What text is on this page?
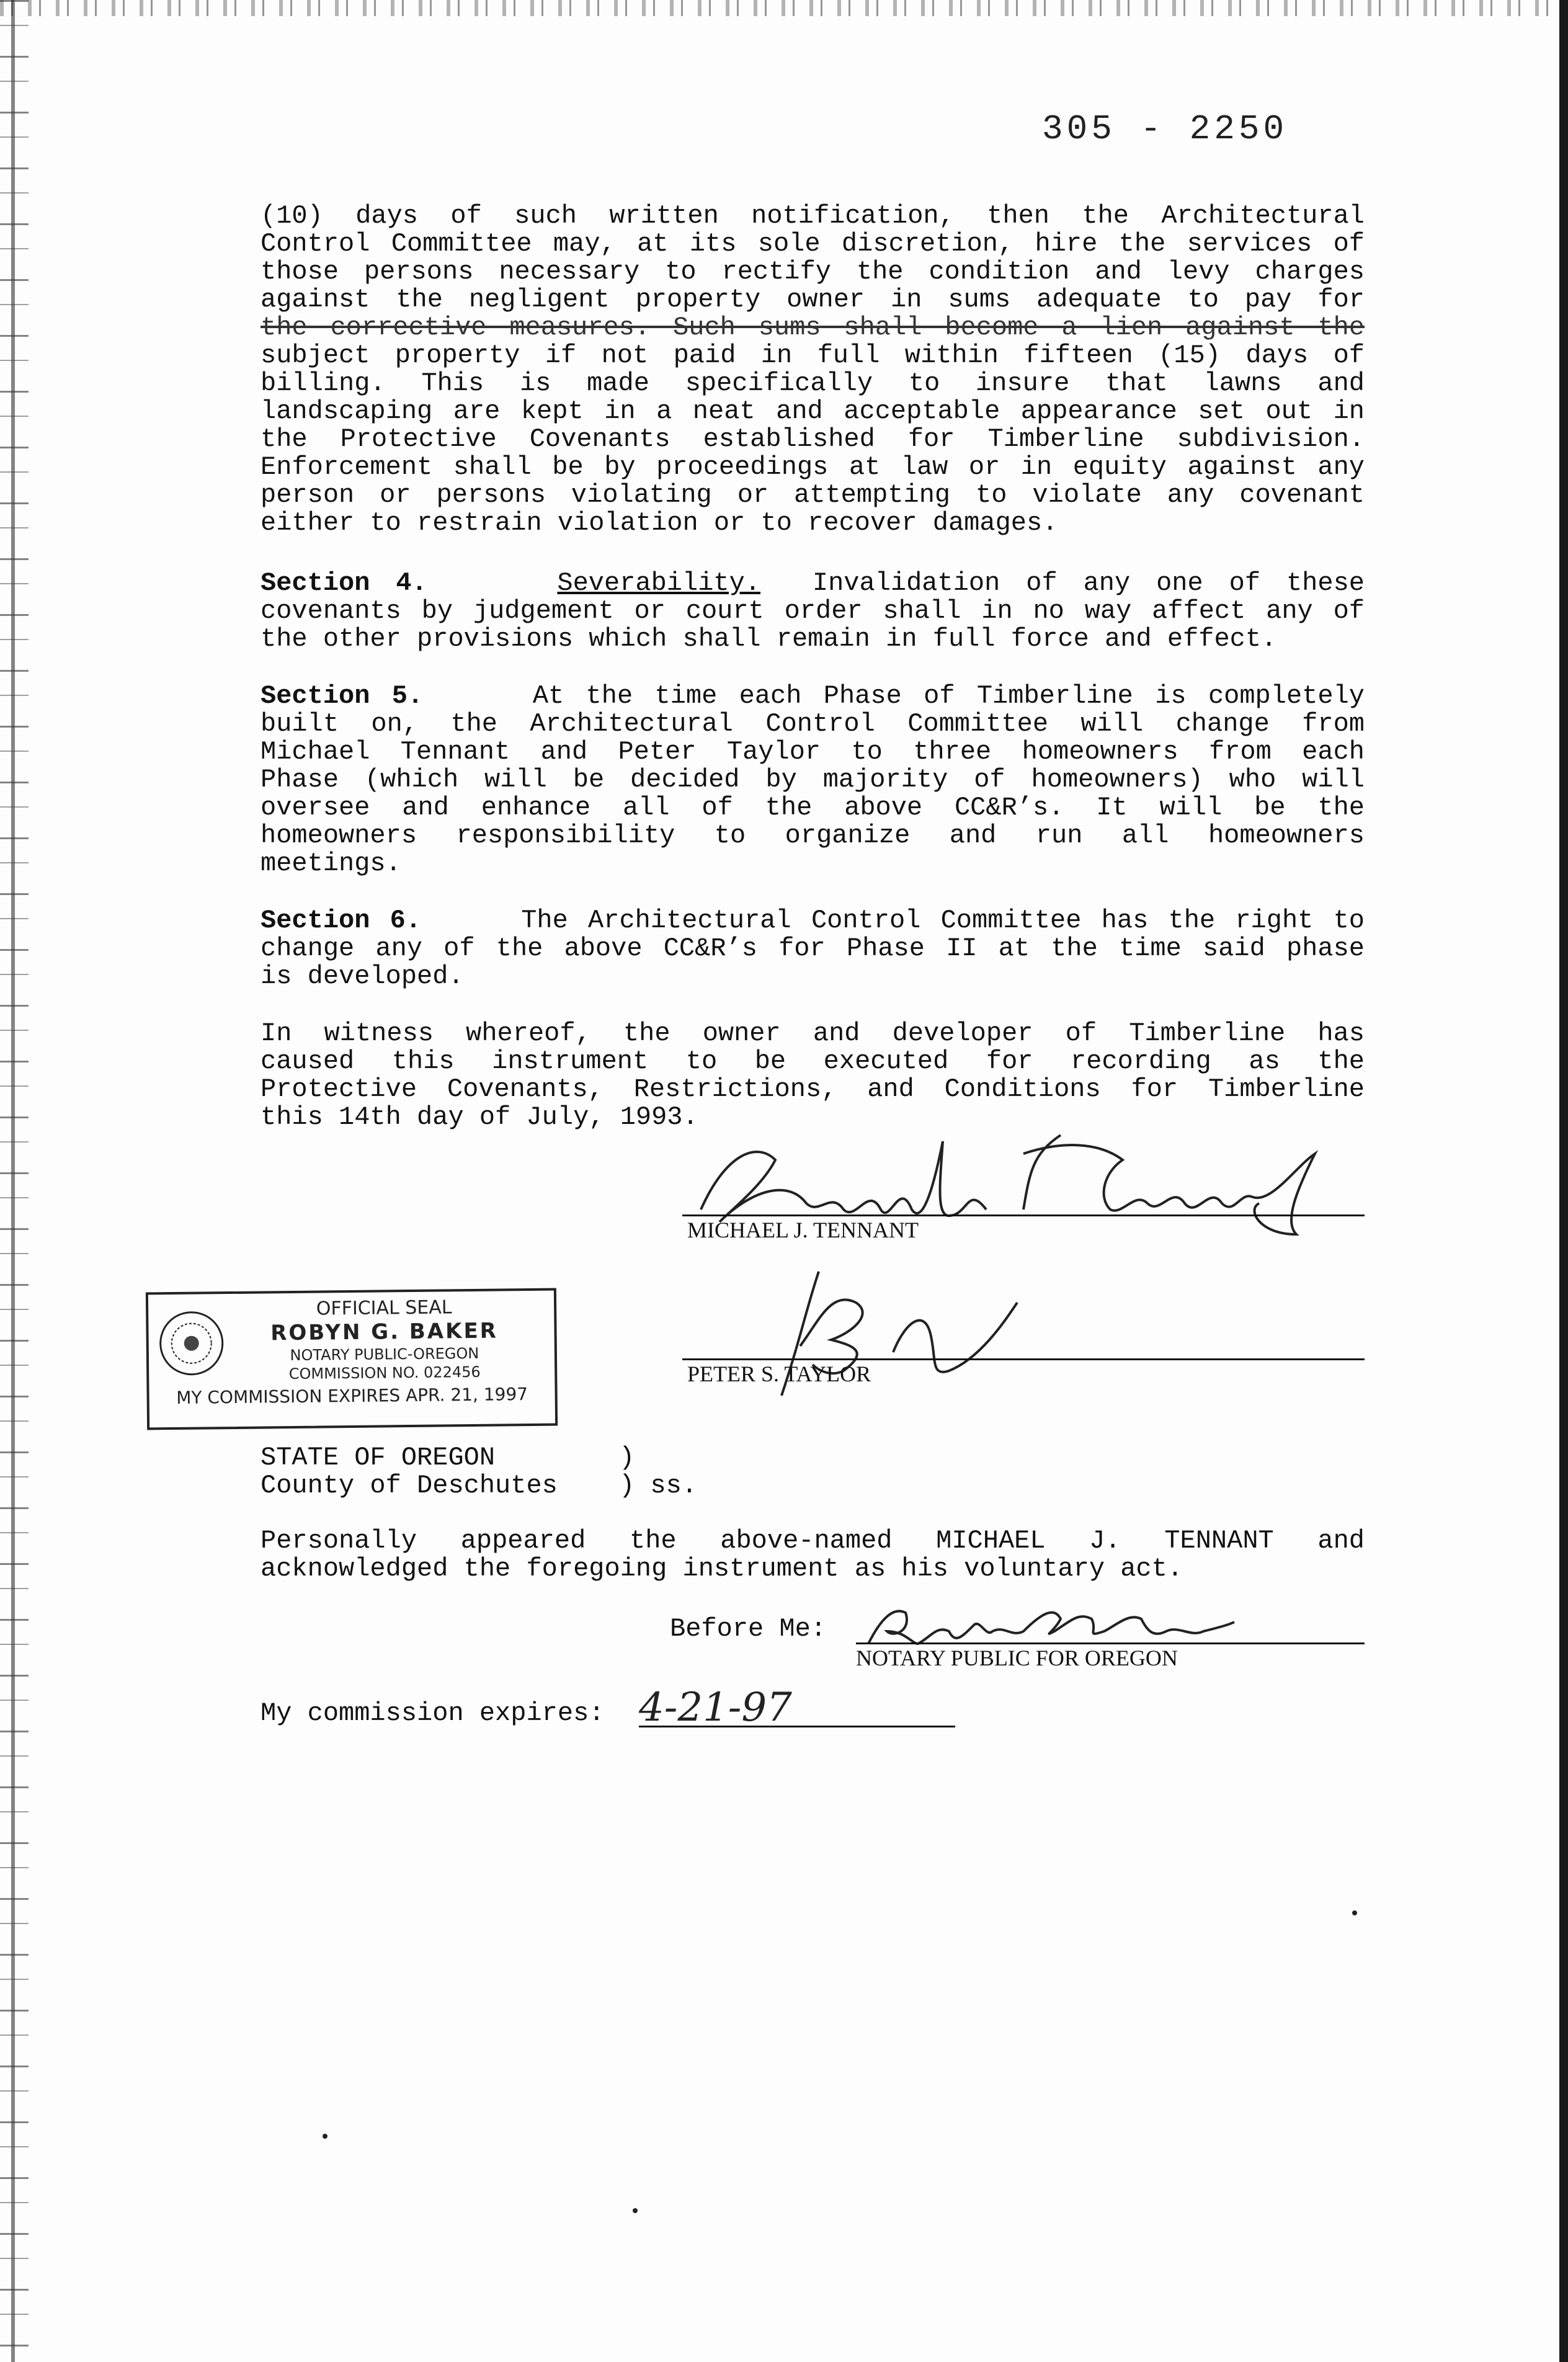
305 - 2250
(10) days of such written notification, then the Architectural
Control Committee may, at its sole discretion, hire the services of
those persons necessary to rectify the condition and levy charges
against the negligent property owner in sums adequate to pay for
the corrective measures. Such sums shall become a lien against the
subject property if not paid in full within fifteen (15) days of
billing. This is made specifically to insure that lawns and
landscaping are kept in a neat and acceptable appearance set out in
the Protective Covenants established for Timberline subdivision.
Enforcement shall be by proceedings at law or in equity against any
person or persons violating or attempting to violate any covenant
either to restrain violation or to recover damages.
Section 4.	Severability. Invalidation of any one of these
covenants by judgement or court order shall in no way affect any of
the other provisions which shall remain in full force and effect.
Section 5.	At the time each Phase of Timberline is completely
built on, the Architectural Control Committee will change from
Michael Tennant and Peter Taylor to three homeowners from each
Phase (which will be decided by majority of homeowners) who will
oversee and enhance all of the above CC&R’s. It will be the
homeowners responsibility to organize and run all homeowners
meetings.
Section 6.	The Architectural Control Committee has the right to
change any of the above CC&R’s for Phase II at the time said phase
is developed.
In witness whereof, the owner and developer of Timberline has
caused this instrument to be executed for recording as the
Protective Covenants, Restrictions, and Conditions for Timberline
this 14th day of July, 1993.
MICHAEL J. TENNANT
PETER S. TAYLOR
OFFICIAL SEAL
ROBYN G. BAKER
NOTARY PUBLIC-OREGON
COMMISSION NO. 022456
MY COMMISSION EXPIRES APR. 21, 1997
STATE OF OREGON	)
County of Deschutes ) ss.
Personally appeared the above-named MICHAEL J. TENNANT and
acknowledged the foregoing instrument as his voluntary act.
Before Me:
NOTARY PUBLIC FOR OREGON
My commission expires: 4-21-97
